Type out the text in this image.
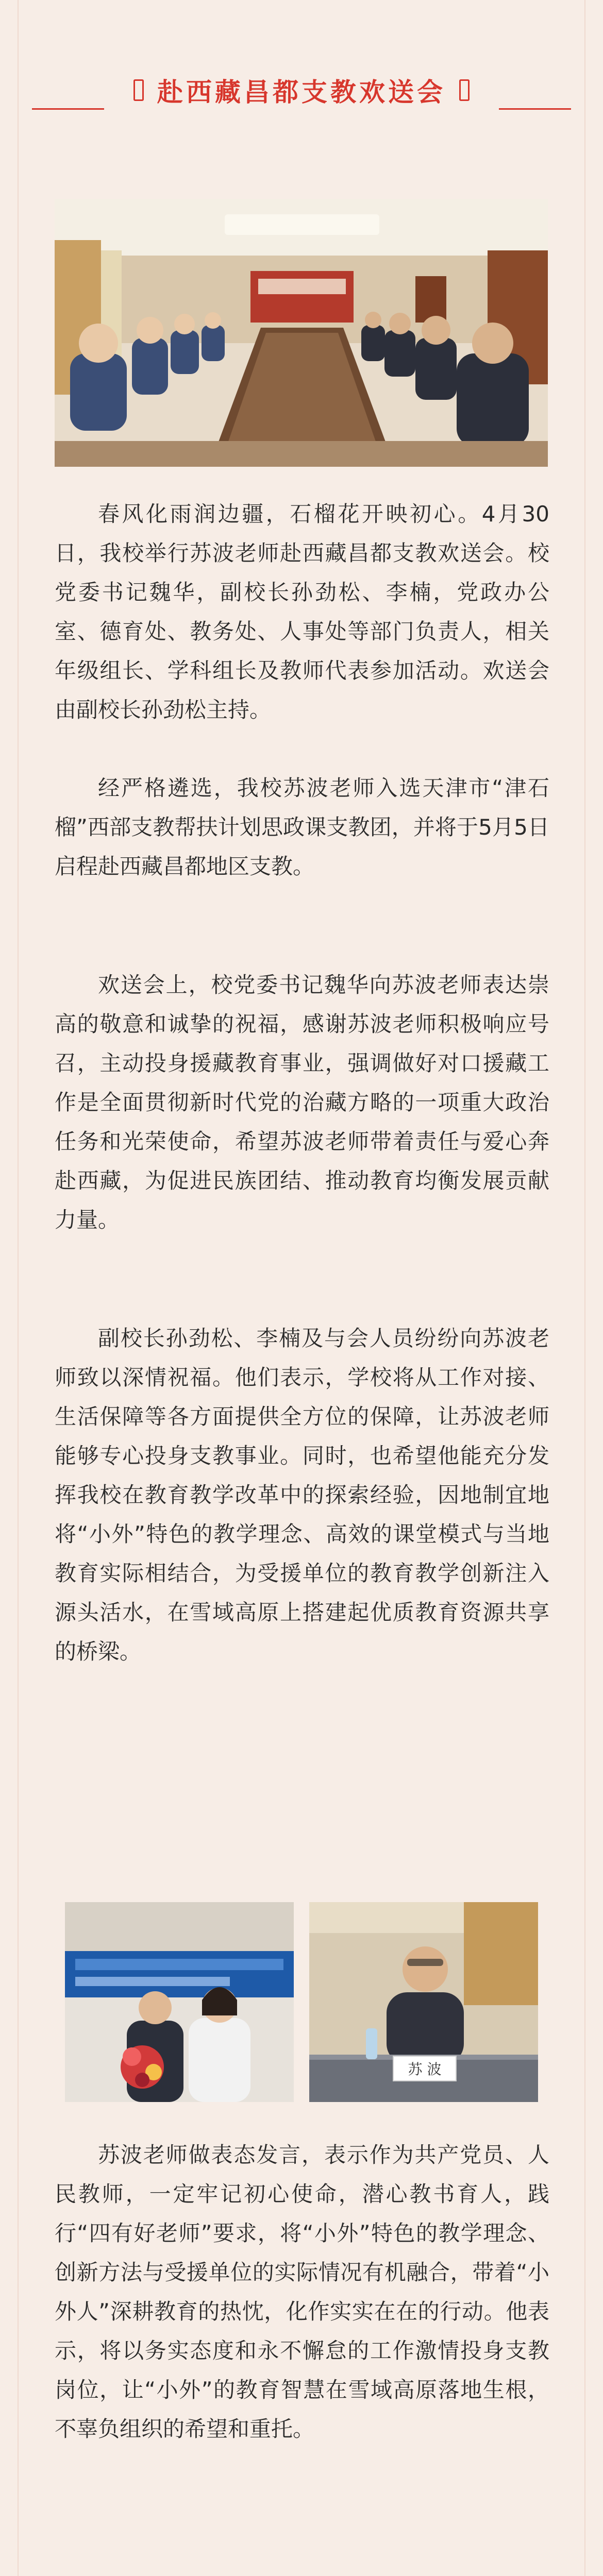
赴西藏昌都支教欢送会

春风化雨润边疆，石榴花开映初心。4月30日，我校举行苏波老师赴西藏昌都支教欢送会。校党委书记魏华，副校长孙劲松、李楠，党政办公室、德育处、教务处、人事处等部门负责人，相关年级组长、学科组长及教师代表参加活动。欢送会由副校长孙劲松主持。

经严格遴选，我校苏波老师入选天津市“津石榴”西部支教帮扶计划思政课支教团，并将于5月5日启程赴西藏昌都地区支教。

欢送会上，校党委书记魏华向苏波老师表达崇高的敬意和诚挚的祝福，感谢苏波老师积极响应号召，主动投身援藏教育事业，强调做好对口援藏工作是全面贯彻新时代党的治藏方略的一项重大政治任务和光荣使命，希望苏波老师带着责任与爱心奔赴西藏，为促进民族团结、推动教育均衡发展贡献力量。

副校长孙劲松、李楠及与会人员纷纷向苏波老师致以深情祝福。他们表示，学校将从工作对接、生活保障等各方面提供全方位的保障，让苏波老师能够专心投身支教事业。同时，也希望他能充分发挥我校在教育教学改革中的探索经验，因地制宜地将“小外”特色的教学理念、高效的课堂模式与当地教育实际相结合，为受援单位的教育教学创新注入源头活水，在雪域高原上搭建起优质教育资源共享的桥梁。

苏 波

苏波老师做表态发言，表示作为共产党员、人民教师，一定牢记初心使命，潜心教书育人，践行“四有好老师”要求，将“小外”特色的教学理念、创新方法与受援单位的实际情况有机融合，带着“小外人”深耕教育的热忱，化作实实在在的行动。他表示，将以务实态度和永不懈怠的工作激情投身支教岗位，让“小外”的教育智慧在雪域高原落地生根，不辜负组织的希望和重托。
